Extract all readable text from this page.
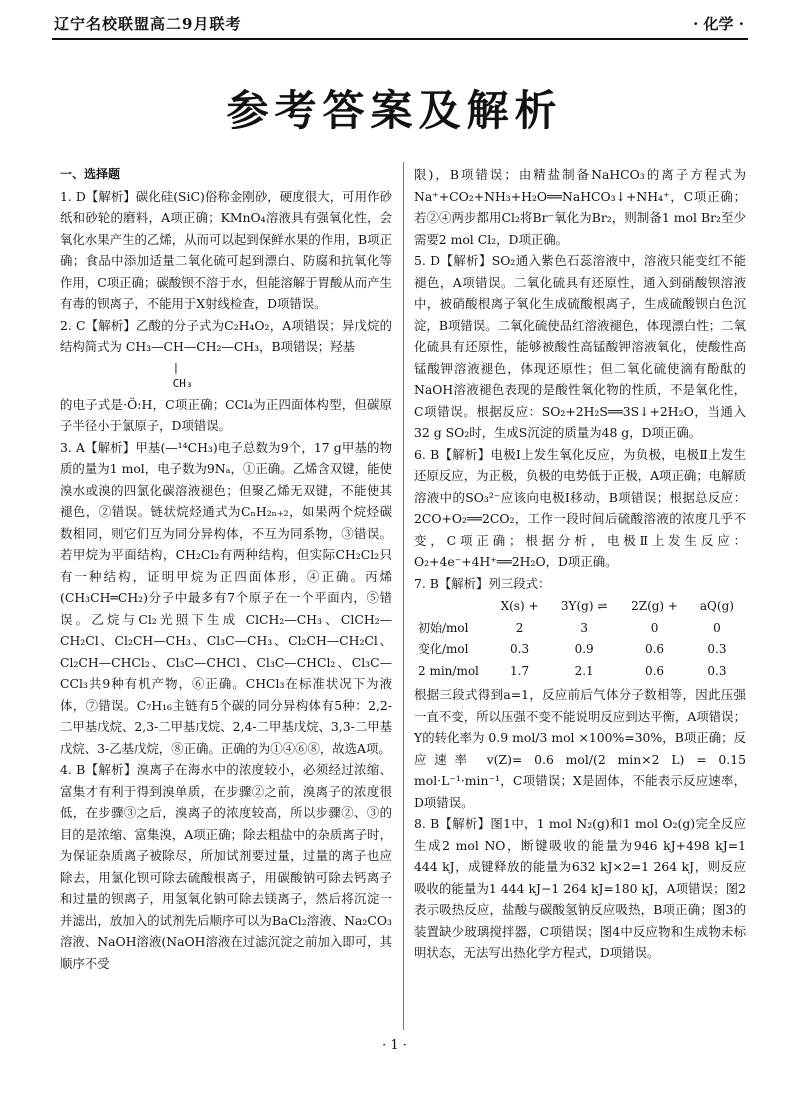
辽宁名校联盟高二9月联考	· 化学 ·
参考答案及解析

一、选择题

1. D【解析】碳化硅(SiC)俗称金刚砂，硬度很大，可用作砂纸和砂轮的磨料，A项正确；KMnO₄溶液具有强氧化性，会氧化水果产生的乙烯，从而可以起到保鲜水果的作用，B项正确；食品中添加适量二氧化硫可起到漂白、防腐和抗氧化等作用，C项正确；碳酸钡不溶于水，但能溶解于胃酸从而产生有毒的钡离子，不能用于X射线检查，D项错误。

2. C【解析】乙酸的分子式为C₂H₄O₂，A项错误；异戊烷的结构简式为 CH₃—CH—CH₂—CH₃，B项错误；羟基

|
CH₃

的电子式是·Ö:H，C项正确；CCl₄为正四面体构型，但碳原子半径小于氯原子，D项错误。

3. A【解析】甲基(—¹⁴CH₃)电子总数为9个，17 g甲基的物质的量为1 mol，电子数为9Nₐ，①正确。乙烯含双键，能使溴水或溴的四氯化碳溶液褪色；但聚乙烯无双键，不能使其褪色，②错误。链状烷烃通式为CₙH₂ₙ₊₂，如果两个烷烃碳数相同，则它们互为同分异构体，不互为同系物，③错误。若甲烷为平面结构，CH₂Cl₂有两种结构，但实际CH₂Cl₂只有一种结构，证明甲烷为正四面体形，④正确。丙烯(CH₃CH═CH₂)分子中最多有7个原子在一个平面内，⑤错误。乙烷与Cl₂光照下生成 ClCH₂—CH₃、ClCH₂—CH₂Cl、Cl₂CH—CH₃、Cl₃C—CH₃、Cl₂CH—CH₂Cl、Cl₂CH—CHCl₂、Cl₃C—CHCl、Cl₃C—CHCl₂、Cl₃C—CCl₃共9种有机产物，⑥正确。CHCl₃在标准状况下为液体，⑦错误。C₇H₁₆主链有5个碳的同分异构体有5种：2,2-二甲基戊烷、2,3-二甲基戊烷、2,4-二甲基戊烷、3,3-二甲基戊烷、3-乙基戊烷，⑧正确。正确的为①④⑥⑧，故选A项。

4. B【解析】溴离子在海水中的浓度较小，必须经过浓缩、富集才有利于得到溴单质，在步骤②之前，溴离子的浓度很低，在步骤③之后，溴离子的浓度较高，所以步骤②、③的目的是浓缩、富集溴，A项正确；除去粗盐中的杂质离子时，为保证杂质离子被除尽，所加试剂要过量，过量的离子也应除去，用氯化钡可除去硫酸根离子，用碳酸钠可除去钙离子和过量的钡离子，用氢氧化钠可除去镁离子，然后将沉淀一并滤出，放加入的试剂先后顺序可以为BaCl₂溶液、Na₂CO₃溶液、NaOH溶液(NaOH溶液在过滤沉淀之前加入即可，其顺序不受

限)，B项错误；由精盐制备NaHCO₃的离子方程式为Na⁺+CO₂+NH₃+H₂O══NaHCO₃↓+NH₄⁺，C项正确；若②④两步都用Cl₂将Br⁻氧化为Br₂，则制备1 mol Br₂至少需要2 mol Cl₂，D项正确。

5. D【解析】SO₂通入紫色石蕊溶液中，溶液只能变红不能褪色，A项错误。二氧化硫具有还原性，通入到硝酸钡溶液中，被硝酸根离子氧化生成硫酸根离子，生成硫酸钡白色沉淀，B项错误。二氧化硫使品红溶液褪色，体现漂白性；二氧化硫具有还原性，能够被酸性高锰酸钾溶液氧化，使酸性高锰酸钾溶液褪色，体现还原性；但二氧化硫使滴有酚酞的NaOH溶液褪色表现的是酸性氧化物的性质，不是氧化性，C项错误。根据反应：SO₂+2H₂S══3S↓+2H₂O，当通入32 g SO₂时，生成S沉淀的质量为48 g，D项正确。

6. B【解析】电极Ⅰ上发生氧化反应，为负极，电极Ⅱ上发生还原反应，为正极，负极的电势低于正极，A项正确；电解质溶液中的SO₃²⁻应该向电极Ⅰ移动，B项错误；根据总反应：2CO+O₂══2CO₂，工作一段时间后硫酸溶液的浓度几乎不变，C项正确；根据分析，电极Ⅱ上发生反应：O₂+4e⁻+4H⁺══2H₂O，D项正确。

7. B【解析】列三段式：

	X(s) +	3Y(g) ⇌	2Z(g) +	aQ(g)
初始/mol	2	3	0	0
变化/mol	0.3	0.9	0.6	0.3
2 min/mol	1.7	2.1	0.6	0.3

根据三段式得到a=1，反应前后气体分子数相等，因此压强一直不变，所以压强不变不能说明反应到达平衡，A项错误；Y的转化率为 0.9 mol/3 mol ×100%=30%，B项正确；反应速率 v(Z)= 0.6 mol/(2 min×2 L) = 0.15 mol·L⁻¹·min⁻¹，C项错误；X是固体，不能表示反应速率，D项错误。

8. B【解析】图1中，1 mol N₂(g)和1 mol O₂(g)完全反应生成2 mol NO，断键吸收的能量为946 kJ+498 kJ=1 444 kJ，成键释放的能量为632 kJ×2=1 264 kJ，则反应吸收的能量为1 444 kJ−1 264 kJ=180 kJ，A项错误；图2表示吸热反应，盐酸与碳酸氢钠反应吸热，B项正确；图3的装置缺少玻璃搅拌器，C项错误；图4中反应物和生成物未标明状态，无法写出热化学方程式，D项错误。

· 1 ·
